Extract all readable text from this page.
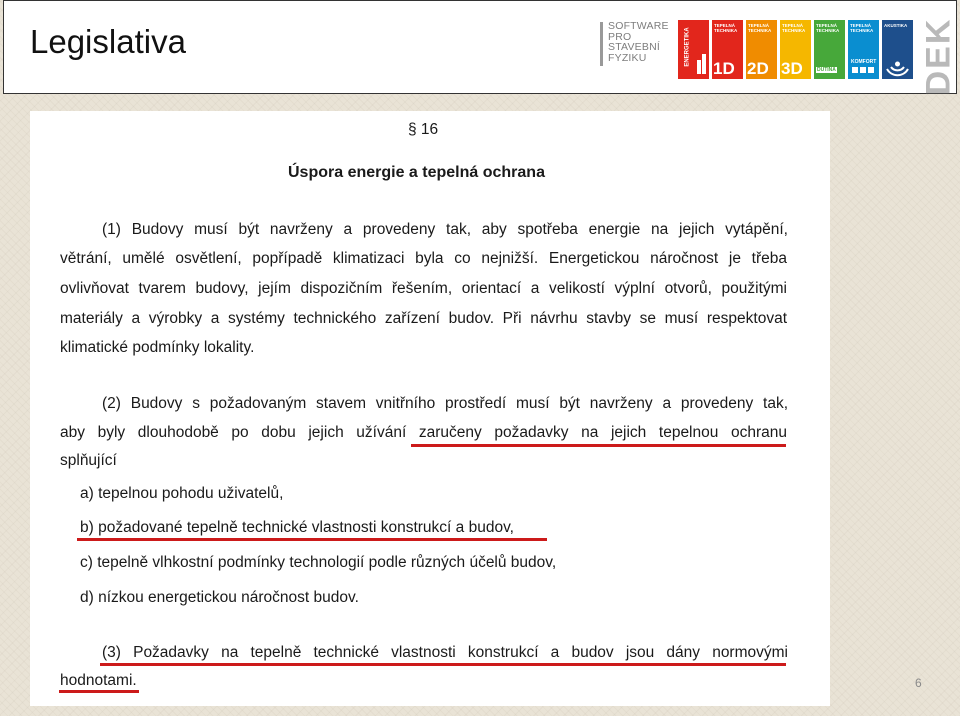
Legislativa	SOFTWARE
PRO
STAVEBNÍ
FYZIKU	ENERGETIKA
TEPELNÁ TECHNIKA
1D
TEPELNÁ TECHNIKA
2D
TEPELNÁ TECHNIKA
3D
TEPELNÁ TECHNIKA
DUTINA
TEPELNÁ TECHNIKA
KOMFORT
AKUSTIKA DEK
§ 16
Úspora energie a tepelná ochrana
(1) Budovy musí být navrženy a provedeny tak, aby spotřeba energie na jejich vytápění,
větrání, umělé osvětlení, popřípadě klimatizaci byla co nejnižší. Energetickou náročnost je třeba
ovlivňovat tvarem budovy, jejím dispozičním řešením, orientací a velikostí výplní otvorů, použitými
materiály a výrobky a systémy technického zařízení budov. Při návrhu stavby se musí respektovat
klimatické podmínky lokality.
(2) Budovy s požadovaným stavem vnitřního prostředí musí být navrženy a provedeny tak,
aby byly dlouhodobě po dobu jejich užívání zaručeny požadavky na jejich tepelnou ochranu
splňující
a) tepelnou pohodu uživatelů,
b) požadované tepelně technické vlastnosti konstrukcí a budov,
c) tepelně vlhkostní podmínky technologií podle různých účelů budov,
d) nízkou energetickou náročnost budov.
(3) Požadavky na tepelně technické vlastnosti konstrukcí a budov jsou dány normovými
hodnotami.	6
